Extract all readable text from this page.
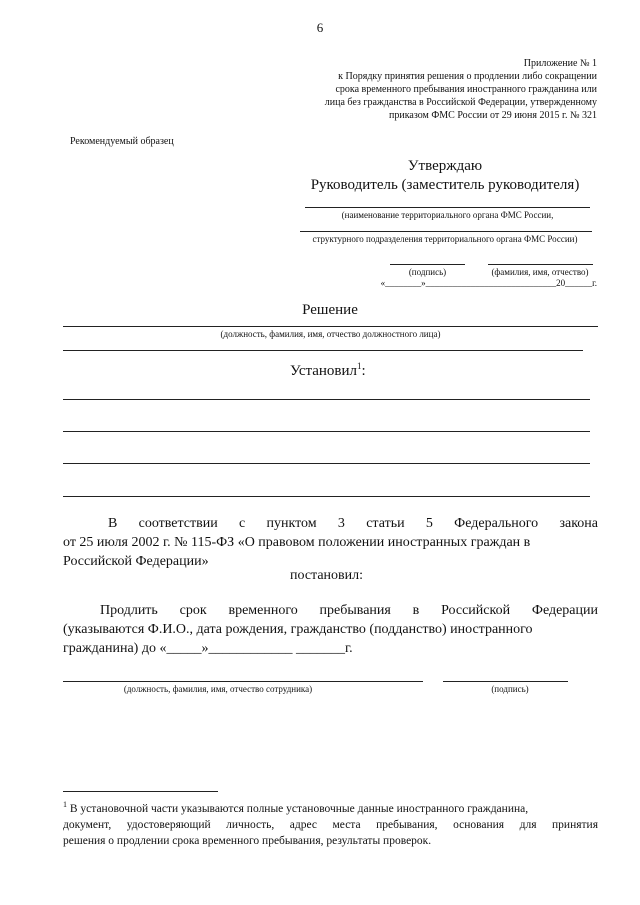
6
Приложение № 1
к Порядку принятия решения о продлении либо сокращении
срока временного пребывания иностранного гражданина или
лица без гражданства в Российской Федерации, утвержденному
приказом ФМС России от 29 июня 2015 г. № 321
Рекомендуемый образец
Утверждаю
Руководитель (заместитель руководителя)
(наименование территориального органа ФМС России,
структурного подразделения территориального органа ФМС России)
(подпись)	(фамилия, имя, отчество)
«________»_____________________________20______г.
Решение
(должность, фамилия, имя, отчество должностного лица)
Установил$^1$:
В соответствии с пунктом 3 статьи 5 Федерального закона
от 25 июля 2002 г. № 115-ФЗ «О правовом положении иностранных граждан в
Российской Федерации»
постановил:
Продлить срок временного пребывания в Российской Федерации
(указываются Ф.И.О., дата рождения, гражданство (подданство) иностранного
гражданина) до «_____»____________ _______г.
(должность, фамилия, имя, отчество сотрудника)	(подпись)
$^1$ В установочной части указываются полные установочные данные иностранного гражданина,
документ, удостоверяющий личность, адрес места пребывания, основания для принятия
решения о продлении срока временного пребывания, результаты проверок.
